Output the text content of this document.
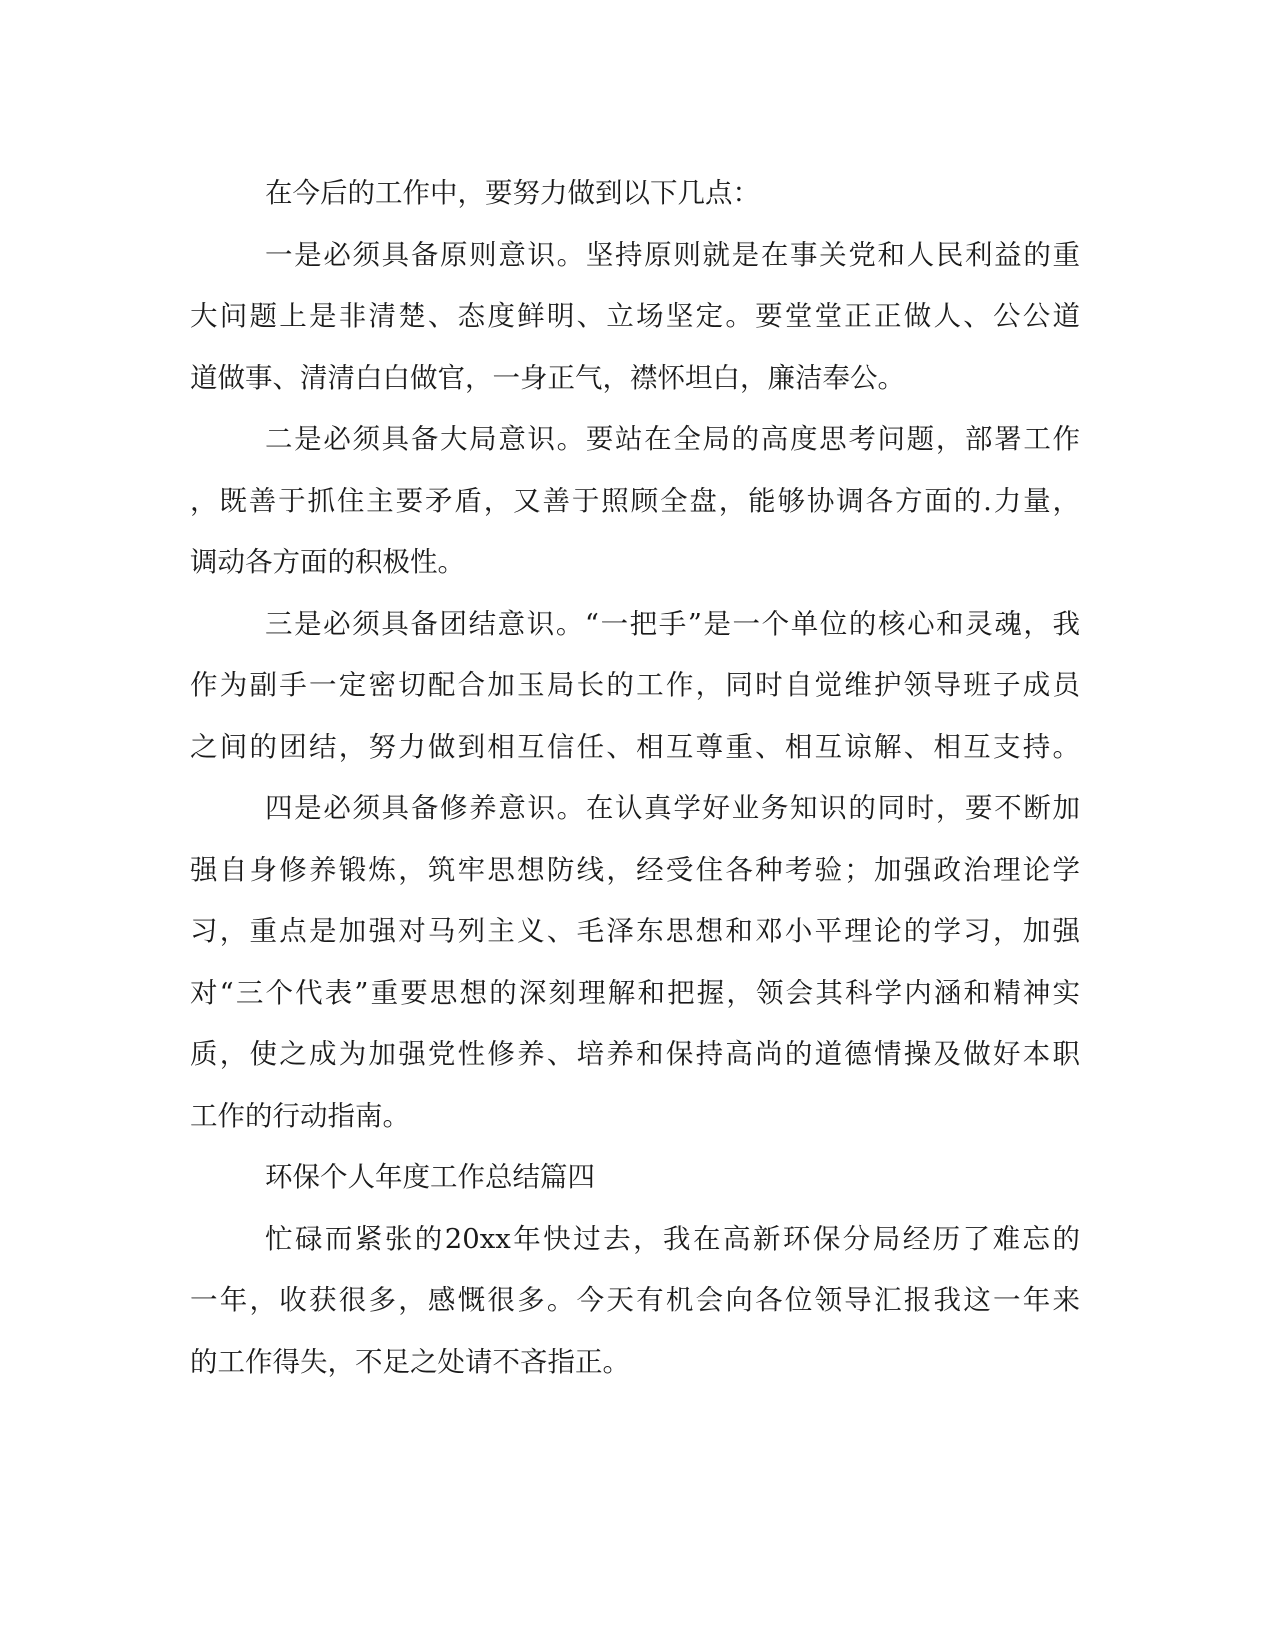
在今后的工作中，要努力做到以下几点：
一是必须具备原则意识。坚持原则就是在事关党和人民利益的重
大问题上是非清楚、态度鲜明、立场坚定。要堂堂正正做人、公公道
道做事、清清白白做官，一身正气，襟怀坦白，廉洁奉公。
二是必须具备大局意识。要站在全局的高度思考问题，部署工作
，既善于抓住主要矛盾，又善于照顾全盘，能够协调各方面的.力量，
调动各方面的积极性。
三是必须具备团结意识。“一把手”是一个单位的核心和灵魂，我
作为副手一定密切配合加玉局长的工作，同时自觉维护领导班子成员
之间的团结，努力做到相互信任、相互尊重、相互谅解、相互支持。
四是必须具备修养意识。在认真学好业务知识的同时，要不断加
强自身修养锻炼，筑牢思想防线，经受住各种考验；加强政治理论学
习，重点是加强对马列主义、毛泽东思想和邓小平理论的学习，加强
对“三个代表”重要思想的深刻理解和把握，领会其科学内涵和精神实
质，使之成为加强党性修养、培养和保持高尚的道德情操及做好本职
工作的行动指南。
环保个人年度工作总结篇四
忙碌而紧张的20xx年快过去，我在高新环保分局经历了难忘的
一年，收获很多，感慨很多。今天有机会向各位领导汇报我这一年来
的工作得失，不足之处请不吝指正。
